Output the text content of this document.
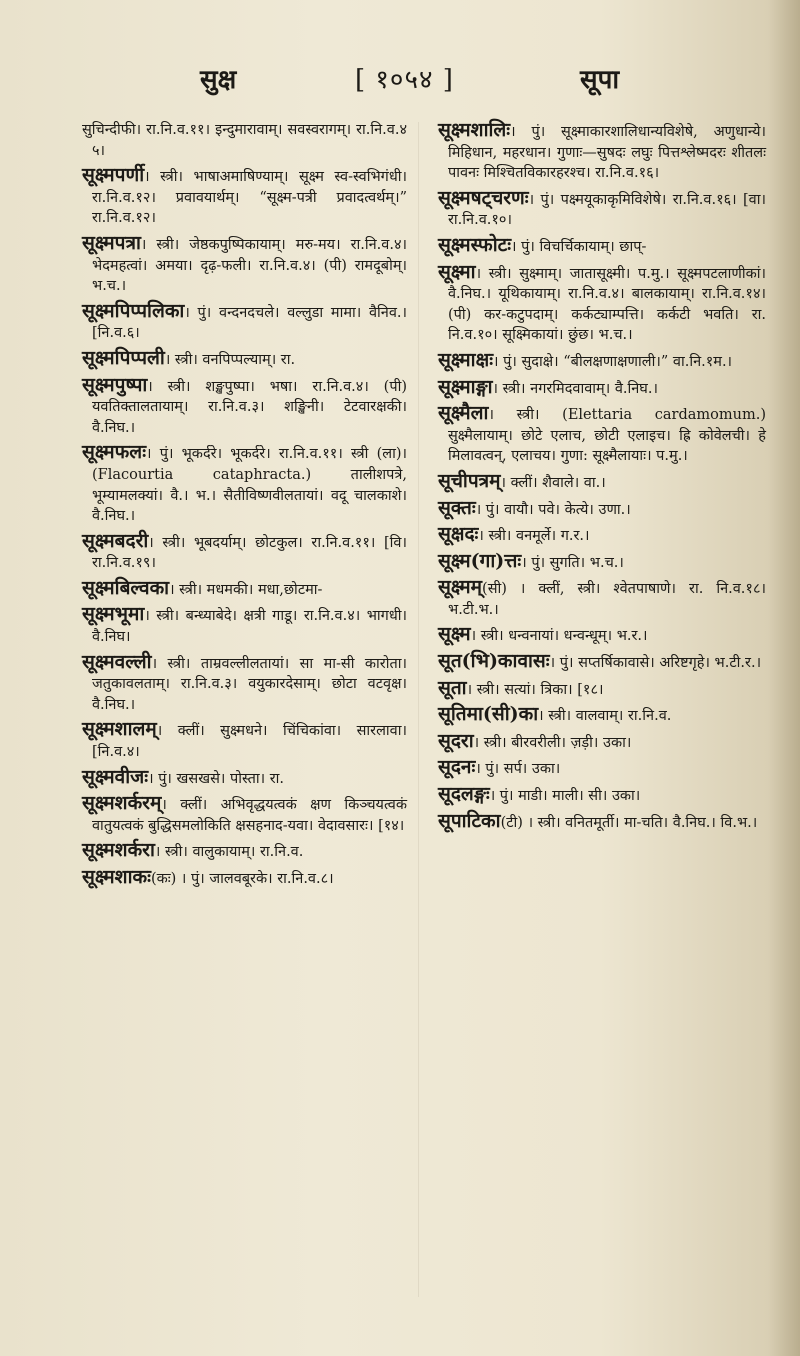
सुक्ष	[ १०५४ ]	सूपा

सुचिन्दीफी। रा.नि.व.११। इन्दुमारावाम्। सवस्वरागम्। रा.नि.व.४ ५।

सूक्ष्मपर्णी। स्त्री। भाषाअमाषिण्याम्। सूक्ष्म स्व-स्वभिगंधी। रा.नि.व.१२। प्रवावयार्थम्। “सूक्ष्म-पत्री प्रवादत्वर्थम्।” रा.नि.व.१२।

सूक्ष्मपत्रा। स्त्री। जेष्ठकपुष्पिकायाम्। मरु-मय। रा.नि.व.४। भेदमहत्वां। अमया। दृढ़-फली। रा.नि.व.४। (पी) रामदूबोम्। भ.च.।

सूक्ष्मपिप्पलिका। पुं। वन्दनदचले। वल्लुडा मामा। वैनिव.। [नि.व.६।

सूक्ष्मपिप्पली। स्त्री। वनपिप्पल्याम्। रा.

सूक्ष्मपुष्पा। स्त्री। शङ्खपुष्पा। भषा। रा.नि.व.४। (पी) यवतिक्तालतायाम्। रा.नि.व.३। शङ्खिनी। टेटवारक्षकी। वै.निघ.।

सूक्ष्मफलः। पुं। भूकर्दरे। भूकर्दरे। रा.नि.व.११। स्त्री (ला)। (Flacourtia cataphracta.) तालीशपत्रे, भूम्यामलक्यां। वै.। भ.। सैतीविष्णवीलतायां। वदू चालकाशे। वै.निघ.।

सूक्ष्मबदरी। स्त्री। भूबदर्याम्। छोटकुल। रा.नि.व.११। [वि। रा.नि.व.१९।

सूक्ष्मबिल्वका। स्त्री। मधमकी। मधा,छोटमा-

सूक्ष्मभूमा। स्त्री। बन्ध्याबेदे। क्षत्री गाडू। रा.नि.व.४। भागधी। वै.निघ।

सूक्ष्मवल्ली। स्त्री। ताम्रवल्लीलतायां। सा मा-सी कारोता। जतुकावलताम्। रा.नि.व.३। वयुकारदेसाम्। छोटा वटवृक्ष। वै.निघ.।

सूक्ष्मशालम्। क्लीं। सुक्ष्मधने। चिंचिकांवा। सारलावा। [नि.व.४।

सूक्ष्मवीजः। पुं। खसखसे। पोस्ता। रा.

सूक्ष्मशर्करम्। क्लीं। अभिवृद्धयत्वकं क्षण किञ्चयत्वकं वातुयत्वकं बुद्धिसमलोकिति क्षसहनाद-यवा। वेदावसारः। [१४।

सूक्ष्मशर्करा। स्त्री। वालुकायाम्। रा.नि.व.

सूक्ष्मशाकः(कः) । पुं। जालवबूरके। रा.नि.व.८।

सूक्ष्मशालिः। पुं। सूक्ष्माकारशालिधान्यविशेषे, अणुधान्ये। मिहिधान, महरधान। गुणाः—सुषदः लघुः पित्तश्लेष्मदरः शीतलः पावनः मिश्चितविकारहरश्च। रा.नि.व.१६।

सूक्ष्मषट्चरणः। पुं। पक्ष्मयूकाकृमिविशेषे। रा.नि.व.१६। [वा। रा.नि.व.१०।

सूक्ष्मस्फोटः। पुं। विचर्चिकायाम्। छाप्-

सूक्ष्मा। स्त्री। सुक्ष्माम्। जातासूक्ष्मी। प.मु.। सूक्ष्मपटलाणीकां। वै.निघ.। यूथिकायाम्। रा.नि.व.४। बालकायाम्। रा.नि.व.१४। (पी) कर-कटुपदाम्। कर्कट्याम्पत्ति। कर्कटी भवति। रा. नि.व.१०। सूक्ष्मिकायां। छुंछ। भ.च.।

सूक्ष्माक्षः। पुं। सुदाक्षे। “बीलक्षणाक्षणाली।” वा.नि.१म.।

सूक्ष्माङ्गा। स्त्री। नगरमिदवावाम्। वै.निघ.।

सूक्ष्मैला। स्त्री। (Elettaria cardamomum.) सुक्ष्मैलायाम्। छोटे एलाच, छोटी एलाइच। ह्रि कोवेलची। हे मिलावत्वन्, एलाचय। गुणा: सूक्ष्मैलायाः। प.मु.।

सूचीपत्रम्। क्लीं। शैवाले। वा.।

सूक्तः। पुं। वायौ। पवे। केत्ये। उणा.।

सूक्षदः। स्त्री। वनमूर्ले। ग.र.।

सूक्ष्म(गा)त्तः। पुं। सुगति। भ.च.।

सूक्ष्मम्(सी) । क्लीं, स्त्री। श्वेतपाषाणे। रा. नि.व.१८। भ.टी.भ.।

सूक्ष्म। स्त्री। धन्वनायां। धन्वन्धूम्। भ.र.।

सूत(भि)कावासः। पुं। सप्तर्षिकावासे। अरिष्टगृहे। भ.टी.र.।

सूता। स्त्री। सत्यां। त्रिका। [१८।

सूतिमा(सी)का। स्त्री। वालवाम्। रा.नि.व.

सूदरा। स्त्री। बीरवरीली। ज़ड़ी। उका।

सूदनः। पुं। सर्प। उका।

सूदलङ्गः। पुं। माडी। माली। सी। उका।

सूपाटिका(टी) । स्त्री। वनितमूर्ती। मा-चति। वै.निघ.। वि.भ.।
